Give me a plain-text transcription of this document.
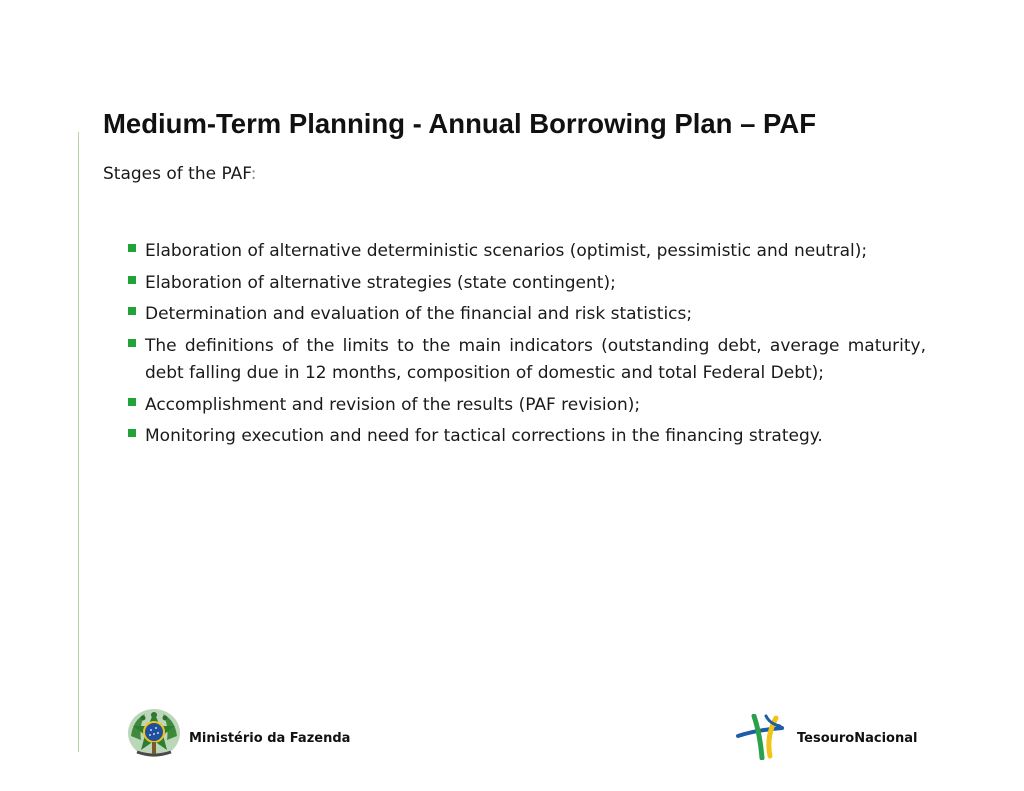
Medium-Term Planning - Annual Borrowing Plan – PAF

Stages of the PAF:

Elaboration of alternative deterministic scenarios (optimist, pessimistic and neutral);
Elaboration of alternative strategies (state contingent);
Determination and evaluation of the financial and risk statistics;
The definitions of the limits to the main indicators (outstanding debt, average maturity, debt falling due in 12 months, composition of domestic and total Federal Debt);
Accomplishment and revision of the results (PAF revision);
Monitoring execution and need for tactical corrections in the financing strategy.
Ministério da Fazenda	TesouroNacional
